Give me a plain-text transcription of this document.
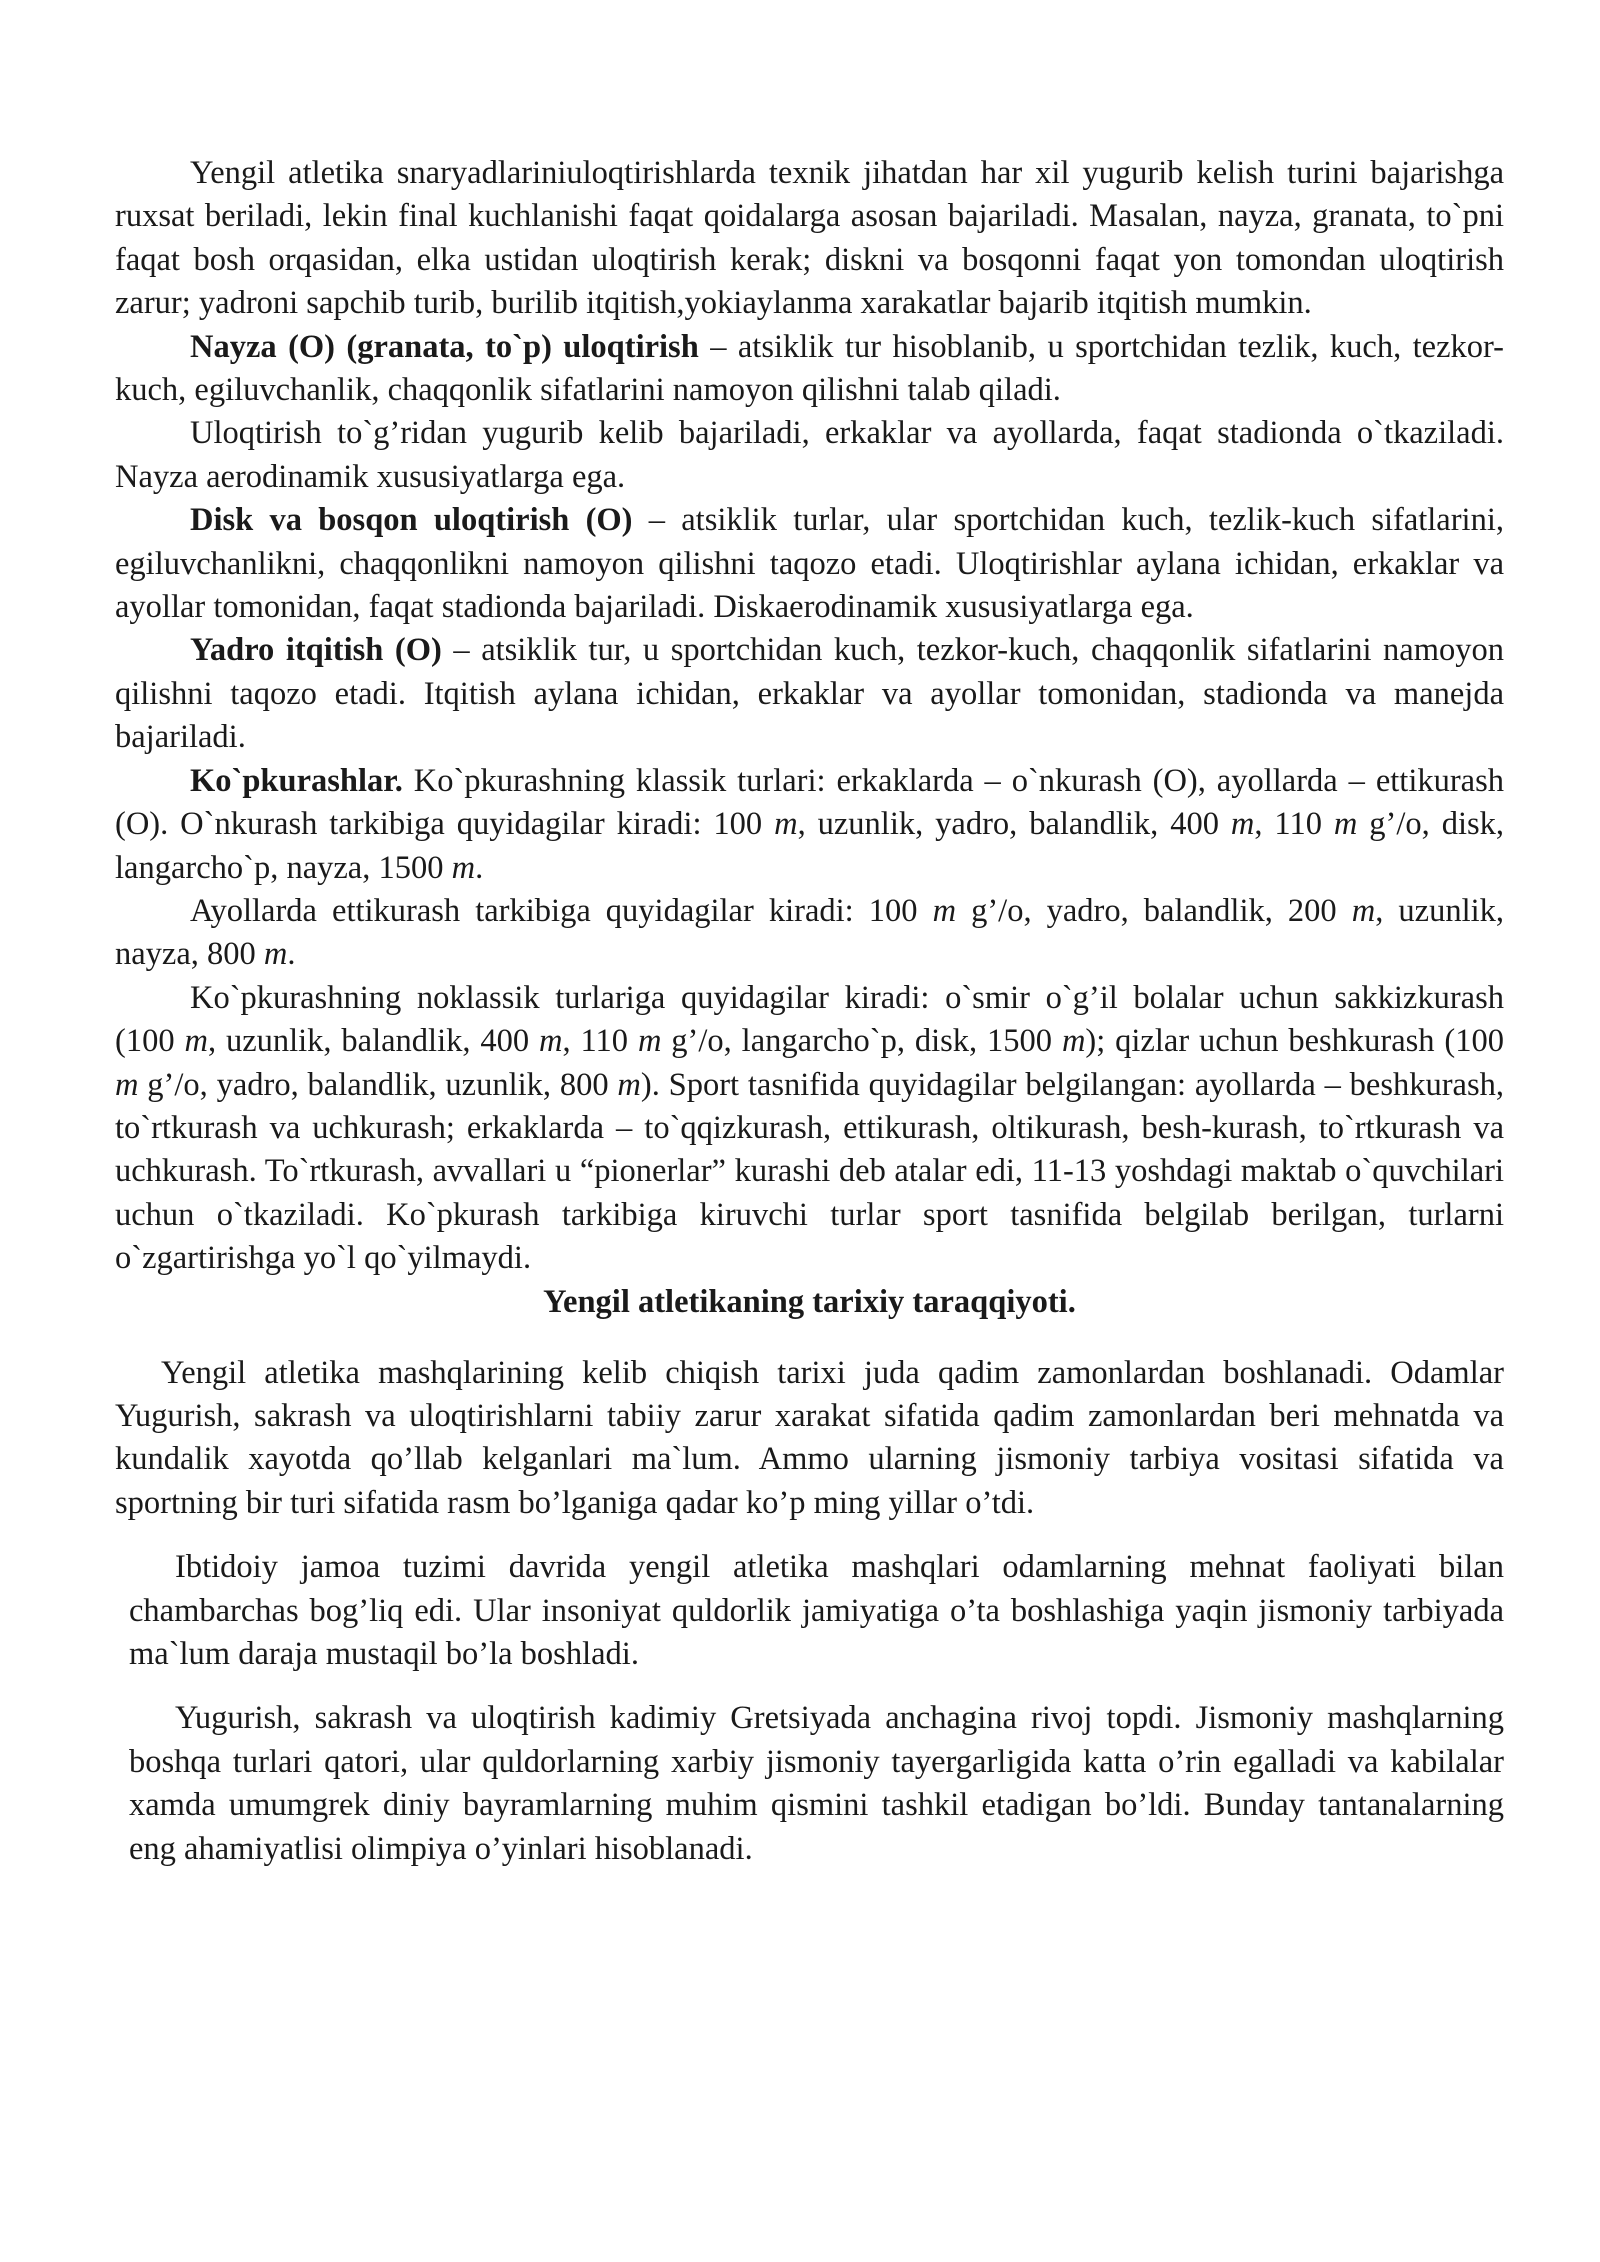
Yengil atletika snaryadlariniuloqtirishlarda texnik jihatdan har xil yugurib kelish turini bajarishga ruxsat beriladi, lekin final kuchlanishi faqat qoidalarga asosan bajariladi. Masalan, nayza, granata, to`pni faqat bosh orqasidan, elka ustidan uloqtirish kerak; diskni va bosqonni faqat yon tomondan uloqtirish zarur; yadroni sapchib turib, burilib itqitish,yokiaylanma xarakatlar bajarib itqitish mumkin.

Nayza (O) (granata, to`p) uloqtirish – atsiklik tur hisoblanib, u sportchidan tezlik, kuch, tezkor-kuch, egiluvchanlik, chaqqonlik sifatlarini namoyon qilishni talab qiladi.

Uloqtirish to`g’ridan yugurib kelib bajariladi, erkaklar va ayollarda, faqat stadionda o`tkaziladi. Nayza aerodinamik xususiyatlarga ega.

Disk va bosqon uloqtirish (O) – atsiklik turlar, ular sportchidan kuch, tezlik-kuch sifatlarini, egiluvchanlikni, chaqqonlikni namoyon qilishni taqozo etadi. Uloqtirishlar aylana ichidan, erkaklar va ayollar tomonidan, faqat stadionda bajariladi. Diskaerodinamik xususiyatlarga ega.

Yadro itqitish (O) – atsiklik tur, u sportchidan kuch, tezkor-kuch, chaqqonlik sifatlarini namoyon qilishni taqozo etadi. Itqitish aylana ichidan, erkaklar va ayollar tomonidan, stadionda va manejda bajariladi.

Ko`pkurashlar. Ko`pkurashning klassik turlari: erkaklarda – o`nkurash (O), ayollarda – ettikurash (O). O`nkurash tarkibiga quyidagilar kiradi: 100 m, uzunlik, yadro, balandlik, 400 m, 110 m g’/o, disk, langarcho`p, nayza, 1500 m.

Ayollarda ettikurash tarkibiga quyidagilar kiradi: 100 m g’/o, yadro, balandlik, 200 m, uzunlik, nayza, 800 m.

Ko`pkurashning noklassik turlariga quyidagilar kiradi: o`smir o`g’il bolalar uchun sakkizkurash (100 m, uzunlik, balandlik, 400 m, 110 m g’/o, langarcho`p, disk, 1500 m); qizlar uchun beshkurash (100 m g’/o, yadro, balandlik, uzunlik, 800 m). Sport tasnifida quyidagilar belgilangan: ayollarda – beshkurash, to`rtkurash va uchkurash; erkaklarda – to`qqizkurash, ettikurash, oltikurash, besh-kurash, to`rtkurash va uchkurash. To`rtkurash, avvallari u “pionerlar” kurashi deb atalar edi, 11-13 yoshdagi maktab o`quvchilari uchun o`tkaziladi. Ko`pkurash tarkibiga kiruvchi turlar sport tasnifida belgilab berilgan, turlarni o`zgartirishga yo`l qo`yilmaydi.

Yengil atletikaning tarixiy taraqqiyoti.

Yengil atletika mashqlarining kelib chiqish tarixi juda qadim zamonlardan boshlanadi. Odamlar Yugurish, sakrash va uloqtirishlarni tabiiy zarur xarakat sifatida qadim zamonlardan beri mehnatda va kundalik xayotda qo’llab kelganlari ma`lum. Ammo ularning jismoniy tarbiya vositasi sifatida va sportning bir turi sifatida rasm bo’lganiga qadar ko’p ming yillar o’tdi.

Ibtidoiy jamoa tuzimi davrida yengil atletika mashqlari odamlarning mehnat faoliyati bilan chambarchas bog’liq edi. Ular insoniyat quldorlik jamiyatiga o’ta boshlashiga yaqin jismoniy tarbiyada ma`lum daraja mustaqil bo’la boshladi.

Yugurish, sakrash va uloqtirish kadimiy Gretsiyada anchagina rivoj topdi. Jismoniy mashqlarning boshqa turlari qatori, ular quldorlarning xarbiy jismoniy tayergarligida katta o’rin egalladi va kabilalar xamda umumgrek diniy bayramlarning muhim qismini tashkil etadigan bo’ldi. Bunday tantanalarning eng ahamiyatlisi olimpiya o’yinlari hisoblanadi.
